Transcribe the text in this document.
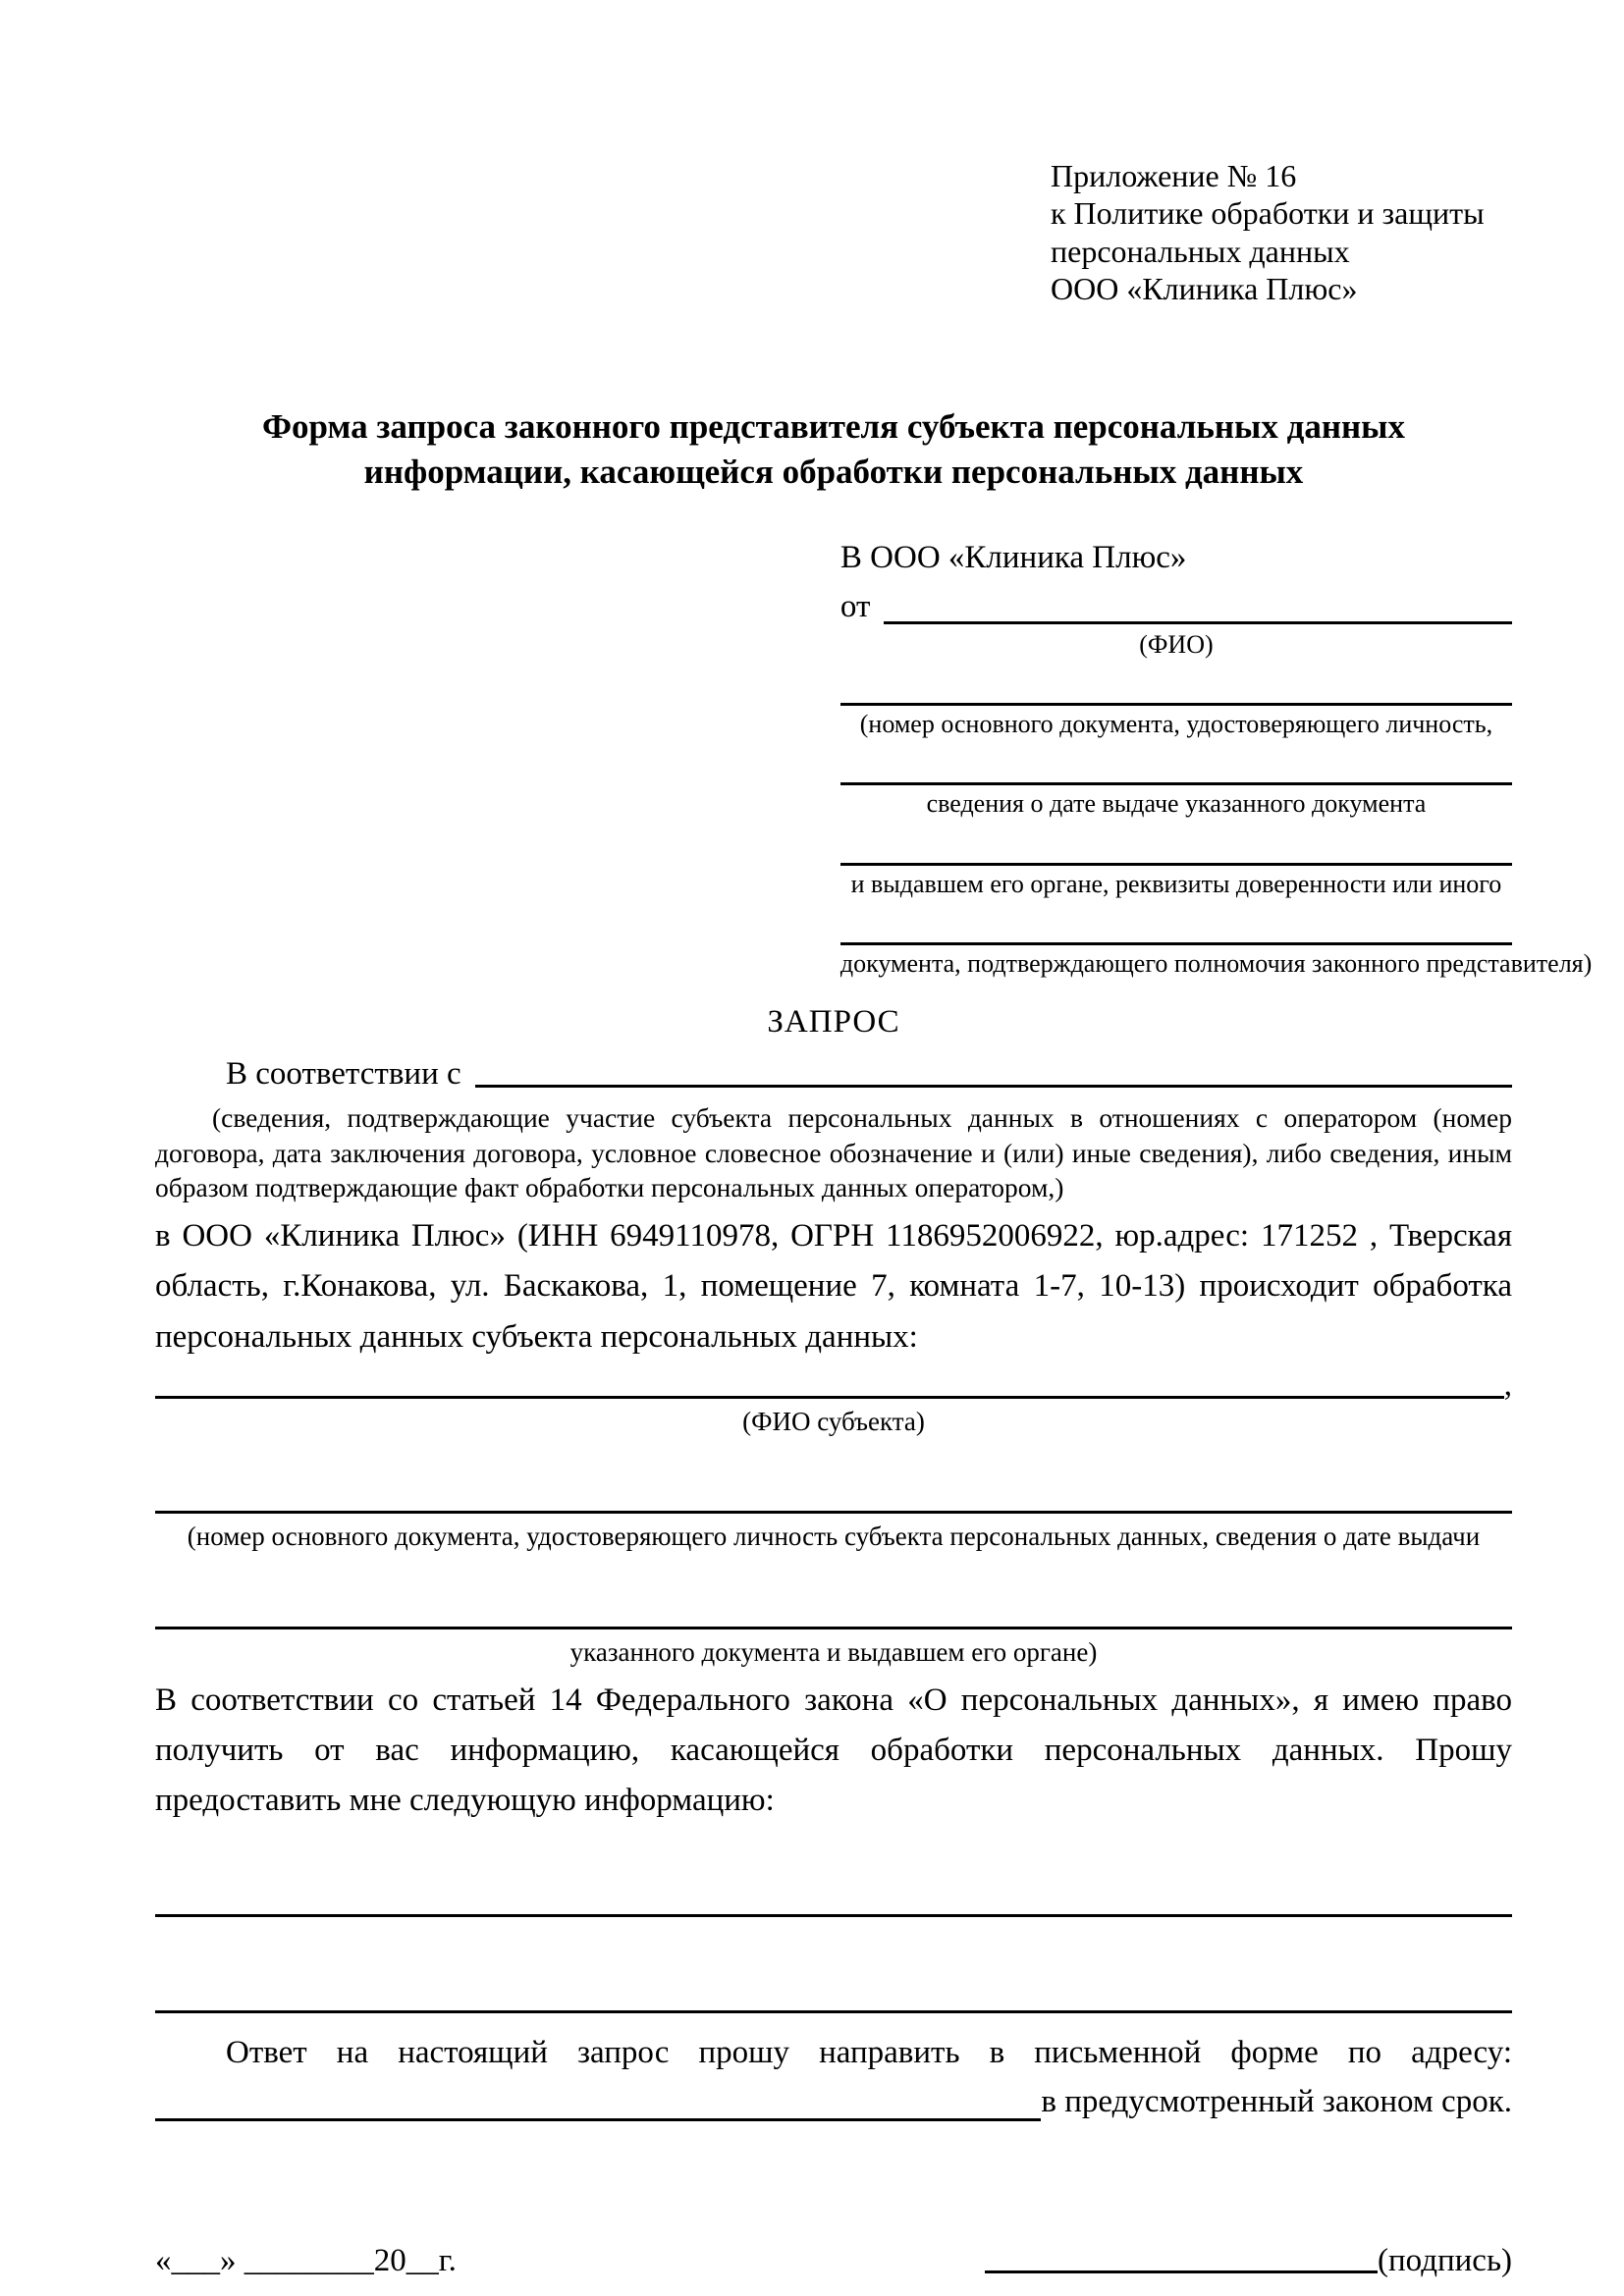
Приложение № 16
к Политике обработки и защиты
персональных данных
ООО «Клиника Плюс»
Форма запроса законного представителя субъекта персональных данных информации, касающейся обработки персональных данных
В ООО «Клиника Плюс»
от
(ФИО)
(номер основного документа, удостоверяющего личность,
сведения о дате выдаче указанного документа
и выдавшем его органе, реквизиты доверенности или иного
документа, подтверждающего полномочия законного представителя)
ЗАПРОС
В соответствии с
(сведения, подтверждающие участие субъекта персональных данных в отношениях с оператором (номер договора, дата заключения договора, условное словесное обозначение и (или) иные сведения), либо сведения, иным образом подтверждающие факт обработки персональных данных оператором,)

в ООО «Клиника Плюс» (ИНН 6949110978, ОГРН 1186952006922, юр.адрес: 171252 , Тверская область, г.Конакова, ул. Баскакова, 1, помещение 7, комната 1-7, 10-13) происходит обработка персональных данных субъекта персональных данных:

,
(ФИО субъекта)
(номер основного документа, удостоверяющего личность субъекта персональных данных, сведения о дате выдачи
указанного документа и выдавшем его органе)

В соответствии со статьей 14 Федерального закона «О персональных данных», я имею право получить от вас информацию, касающейся обработки персональных данных. Прошу предоставить мне следующую информацию:

Ответ на настоящий запрос прошу направить в письменной форме по адресу:

в предусмотренный законом срок.
«___» ________20__г.	(подпись)
